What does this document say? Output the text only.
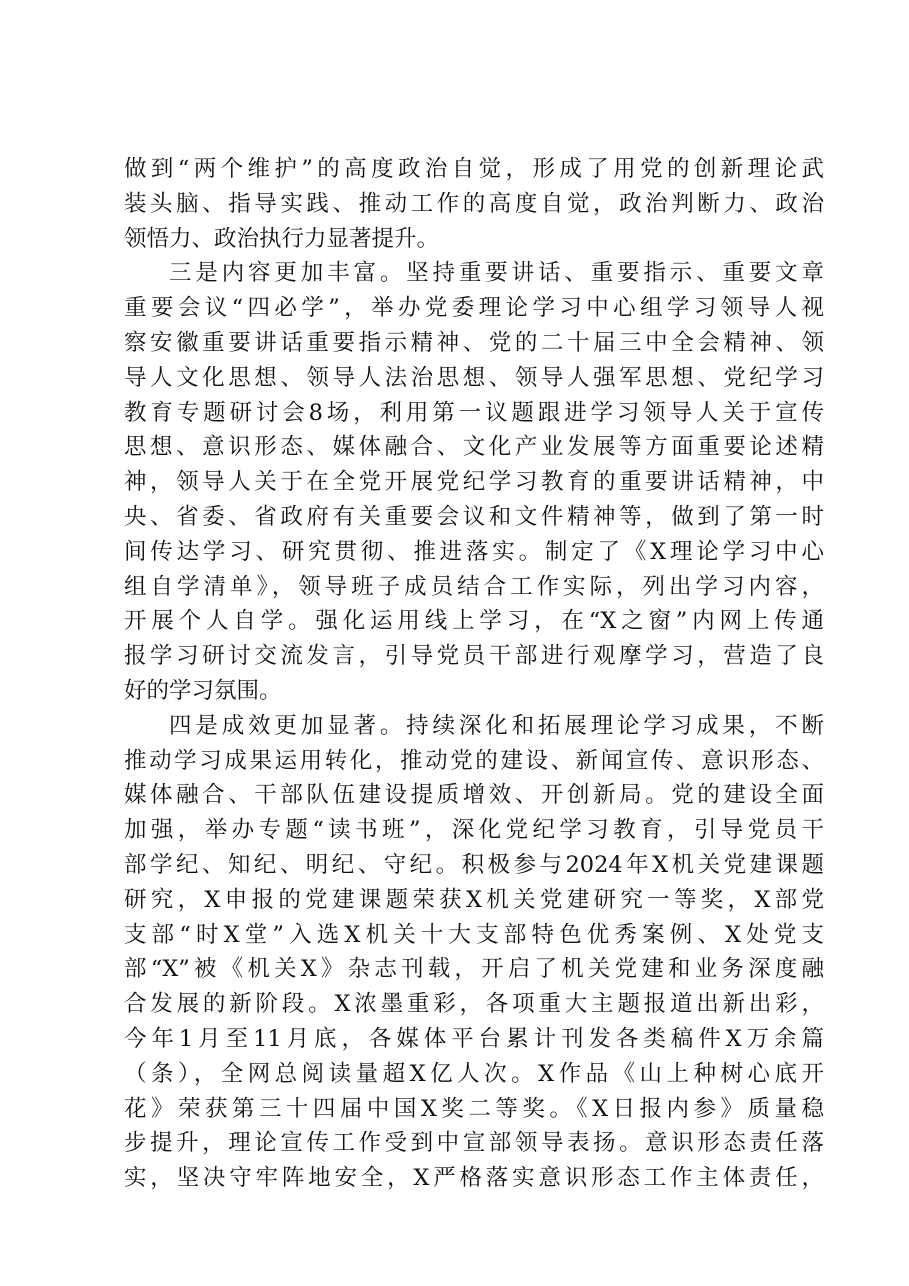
做到“两个维护”的高度政治自觉，形成了用党的创新理论武
装头脑、指导实践、推动工作的高度自觉，政治判断力、政治
领悟力、政治执行力显著提升。
三是内容更加丰富。坚持重要讲话、重要指示、重要文章
重要会议“四必学”，举办党委理论学习中心组学习领导人视
察安徽重要讲话重要指示精神、党的二十届三中全会精神、领
导人文化思想、领导人法治思想、领导人强军思想、党纪学习
教育专题研讨会8场，利用第一议题跟进学习领导人关于宣传
思想、意识形态、媒体融合、文化产业发展等方面重要论述精
神，领导人关于在全党开展党纪学习教育的重要讲话精神，中
央、省委、省政府有关重要会议和文件精神等，做到了第一时
间传达学习、研究贯彻、推进落实。制定了《X理论学习中心
组自学清单》，领导班子成员结合工作实际，列出学习内容，
开展个人自学。强化运用线上学习，在“X之窗”内网上传通
报学习研讨交流发言，引导党员干部进行观摩学习，营造了良
好的学习氛围。
四是成效更加显著。持续深化和拓展理论学习成果，不断
推动学习成果运用转化，推动党的建设、新闻宣传、意识形态、
媒体融合、干部队伍建设提质增效、开创新局。党的建设全面
加强，举办专题“读书班”，深化党纪学习教育，引导党员干
部学纪、知纪、明纪、守纪。积极参与2024年X机关党建课题
研究，X申报的党建课题荣获X机关党建研究一等奖，X部党
支部“时X堂”入选X机关十大支部特色优秀案例、X处党支
部“X”被《机关X》杂志刊载，开启了机关党建和业务深度融
合发展的新阶段。X浓墨重彩，各项重大主题报道出新出彩，
今年1月至11月底，各媒体平台累计刊发各类稿件X万余篇
（条），全网总阅读量超X亿人次。X作品《山上种树心底开
花》荣获第三十四届中国X奖二等奖。《X日报内参》质量稳
步提升，理论宣传工作受到中宣部领导表扬。意识形态责任落
实，坚决守牢阵地安全，X严格落实意识形态工作主体责任，
